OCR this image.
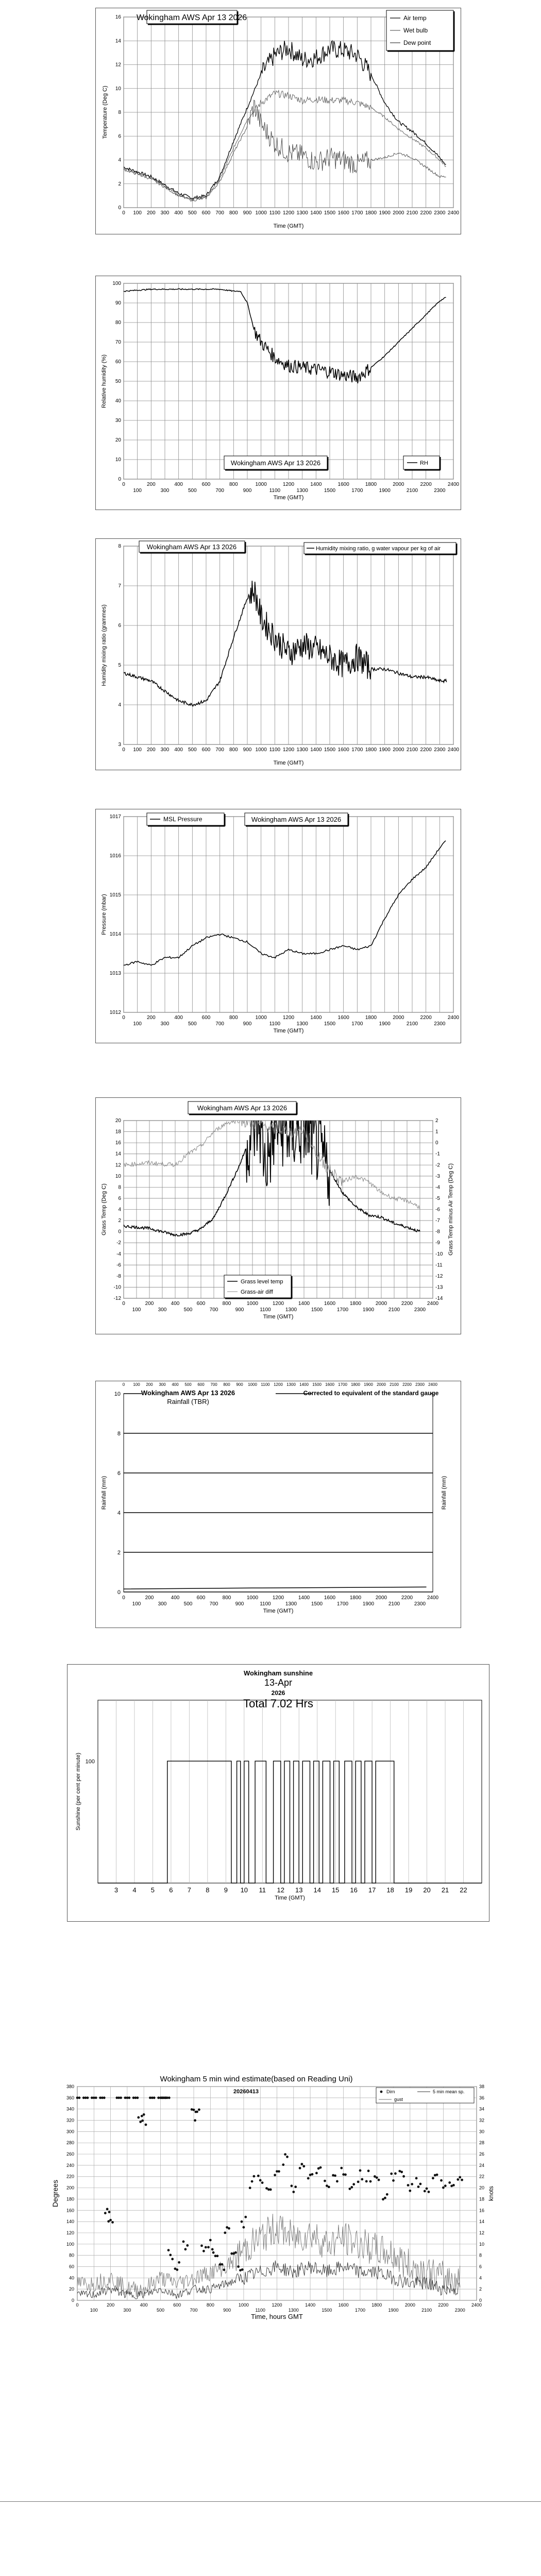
0
2
4
6
8
10
12
14
16
0 100 200 300 400 500 600 700 800 900 1000 1100 1200 1300 1400 1500 1600 1700 1800 1900 2000 2100 2200 2300 2400
Time (GMT)
Temperature (Deg C)
Wokingham AWS Apr 13 2026	Air temp
Wet bulb
Dew point
0
10
20
30
40
50
60
70
80
90
100
0	200	400	600	800	1000	1200	1400	1600	1800	2000	2200	2400
100	300	500	700	900	1100	1300	1500	1700	1900	2100	2300
Time (GMT)
Relative humidity (%)
Wokingham AWS Apr 13 2026	RH
3
4
5
6
7
8
0 100 200 300 400 500 600 700 800 900 1000 1100 1200 1300 1400 1500 1600 1700 1800 1900 2000 2100 2200 2300 2400
Time (GMT)
Humidity mixing ratio (grammes)
Wokingham AWS Apr 13 2026	Humidity mixing ratio, g water vapour per kg of air
1012
1013
1014
1015
1016
1017
0	200	400	600	800	1000	1200	1400	1600	1800	2000	2200	2400
100	300	500	700	900	1100	1300	1500	1700	1900	2100	2300
Time (GMT)
Pressure (mbar)
MSL Pressure	Wokingham AWS Apr 13 2026
-12
-10
-8
-6
-4
-2
0
2
4
6
8
10
12
14
16
18
20
0	200	400	600	800	1000	1200	1400	1600	1800	2000	2200	2400
100	300	500	700	900	1100	1300	1500	1700	1900	2100	2300
Time (GMT)
Grass Temp (Deg C)
-14
-13
-12
-11
-10
-9
-8
-7
-6
-5
-4
-3
-2
-1
0
1
2
Grass Temp minus Air Temp (Deg C)
Wokingham AWS Apr 13 2026
Grass level temp
Grass-air diff
0
2
4
6
8
10
0 100 200 300 400 500 600 700 800 900 1000 1100 1200 1300 1400 1500 1600 1700 1800 1900 2000 2100 2200 2300 2400
0	200	400	600	800	1000	1200	1400	1600	1800	2000	2200	2400
100	300	500	700	900	1100	1300	1500	1700	1900	2100	2300
Time (GMT)
Rainfall (mm)	Rainfall (mm)
Wokingham AWS Apr 13 2026
Rainfall (TBR)
Corrected to equivalent of the standard gauge
3 4 5 6 7 8 9 10 11 12 13 14 15 16 17 18 19 20 21 22
100
Time (GMT)
Sunshine (per cent per minute)
Wokingham sunshine
13-Apr
2026
Total 7.02 Hrs
0
20
40
60
80
100
120
140
160
180
200
220
240
260
280
300
320
340
360
380
0
2
4
6
8
10
12
14
16
18
20
22
24
26
28
30
32
34
36
38
0	200	400	600	800	1000	1200	1400	1600	1800	2000	2200	2400
100	300	500	700	900	1100	1300	1500	1700	1900	2100	2300
Time, hours GMT
Degrees	knots
Wokingham 5 min wind estimate(based on Reading Uni)
20260413	Dirn	5 min mean sp.
gust
